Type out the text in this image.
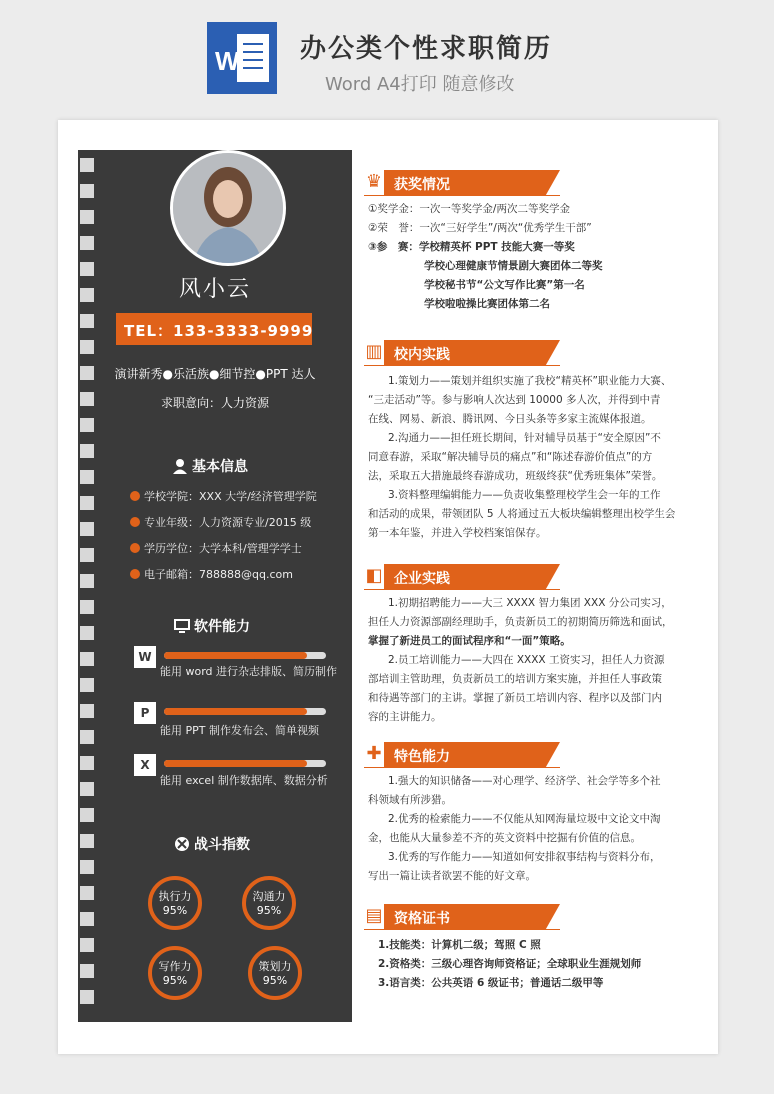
W 办公类个性求职简历
Word A4打印 随意修改
风小云
TEL：133-3333-9999
演讲新秀●乐活族●细节控●PPT 达人
求职意向：人力资源
基本信息
学校学院：XXX 大学/经济管理学院
专业年级：人力资源专业/2015 级
学历学位：大学本科/管理学学士
电子邮箱：788888@qq.com
软件能力
W
能用 word 进行杂志排版、简历制作
P
能用 PPT 制作发布会、简单视频
X
能用 excel 制作数据库、数据分析
战斗指数
执行力
95%
沟通力
95%
写作力
95%
策划力
95%
♛ 获奖情况
①奖学金：一次一等奖学金/两次二等奖学金
②荣　誉：一次“三好学生”/两次“优秀学生干部”
③参　赛：学校精英杯 PPT 技能大赛一等奖
学校心理健康节情景剧大赛团体二等奖
学校秘书节“公文写作比赛”第一名
学校啦啦操比赛团体第二名
▥ 校内实践
1.策划力——策划并组织实施了我校“精英杯”职业能力大赛、
“三走活动”等。参与影响人次达到 10000 多人次，并得到中青
在线、网易、新浪、腾讯网、今日头条等多家主流媒体报道。
2.沟通力——担任班长期间，针对辅导员基于“安全原因”不
同意春游，采取“解决辅导员的痛点”和“陈述春游价值点”的方
法，采取五大措施最终春游成功，班级终获“优秀班集体”荣誉。
3.资料整理编辑能力——负责收集整理校学生会一年的工作
和活动的成果，带领团队 5 人将通过五大板块编辑整理出校学生会
第一本年鉴，并进入学校档案馆保存。
◧ 企业实践
1.初期招聘能力——大三 XXXX 智力集团 XXX 分公司实习，
担任人力资源部副经理助手，负责新员工的初期简历筛选和面试，
掌握了新进员工的面试程序和“一面”策略。
2.员工培训能力——大四在 XXXX 工资实习，担任人力资源
部培训主管助理，负责新员工的培训方案实施，并担任人事政策
和待遇等部门的主讲。掌握了新员工培训内容、程序以及部门内
容的主讲能力。
✚ 特色能力
1.强大的知识储备——对心理学、经济学、社会学等多个社
科领域有所涉猎。
2.优秀的检索能力——不仅能从知网海量垃圾中文论文中淘
金，也能从大量参差不齐的英文资料中挖掘有价值的信息。
3.优秀的写作能力——知道如何安排叙事结构与资料分布，
写出一篇让读者欲罢不能的好文章。
▤ 资格证书
1.技能类：计算机二级；驾照 C 照
2.资格类：三级心理咨询师资格证；全球职业生涯规划师
3.语言类：公共英语 6 级证书；普通话二级甲等
